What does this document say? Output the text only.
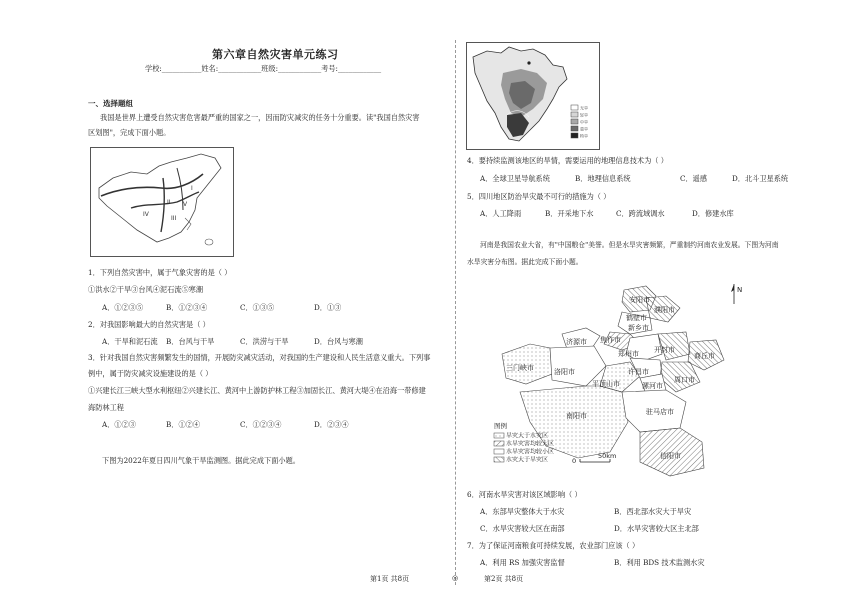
第六章自然灾害单元练习
学校:___________姓名:____________班级:____________考号:____________
一、选择题组
我国是世界上遭受自然灾害危害最严重的国家之一，因而防灾减灾的任务十分重要。读"我国自然灾害
区划图"，完成下面小题。
II
I
IV
III
V
1．下列自然灾害中，属于气象灾害的是（ ）
①洪水②干旱③台风④泥石流⑤寒潮
A．①②③⑤	B．①②③④	C．①③⑤	D．①③
2．对我国影响最大的自然灾害是（ ）
A．干旱和泥石流 B．台风与干旱	C．洪涝与干旱	D．台风与寒潮
3．针对我国自然灾害频繁发生的国情，开展防灾减灾活动，对我国的生产建设和人民生活意义重大。下列事
例中，属于防灾减灾设施建设的是（ ）
①兴建长江三峡大型水利枢纽②兴建长江、黄河中上游防护林工程③加固长江、黄河大堤④在沿海一带修建
海防林工程
A．①②③	B．①②④	C．①②③④	D．②③④
下图为2022年夏日四川气象干旱监测图。据此完成下面小题。
无旱
轻旱
中旱
重旱
特旱
4．要持续监测该地区的旱情，需要运用的地理信息技术为（ ）
A．全球卫星导航系统	B．地理信息系统	C．遥感	D．北斗卫星系统
5．四川地区防治旱灾最不可行的措施为（ ）
A．人工降雨	B．开采地下水	C．跨流域调水	D．修建水库
河南是我国农业大省，有"中国粮仓"美誉。但是水旱灾害频繁，严重制约河南农业发展。下图为河南
水旱灾害分布图。据此完成下面小题。
N
安阳市
鹤壁市
濮阳市
新乡市
焦作市
济源市
郑州市 开封市
商丘市
三门峡市	洛阳市	许昌市
周口市
平顶山市	漯河市
南阳市	驻马店市
信阳市
图例
旱灾大于水灾区
水旱灾害均较大区
水旱灾害均较小区
水灾大于旱灾区	0
50km
6．河南水旱灾害对该区域影响（ ）
A．东部旱灾整体大于水灾	B．西北部水灾大于旱灾
C．水旱灾害较大区在南部	D．水旱灾害较大区主北部
7．为了保证河南粮食可持续发展，农业部门应该（ ）
A．利用 RS 加强灾害监督	B．利用 BDS 技术监测水灾
第1页 共8页	◎	第2页 共8页
